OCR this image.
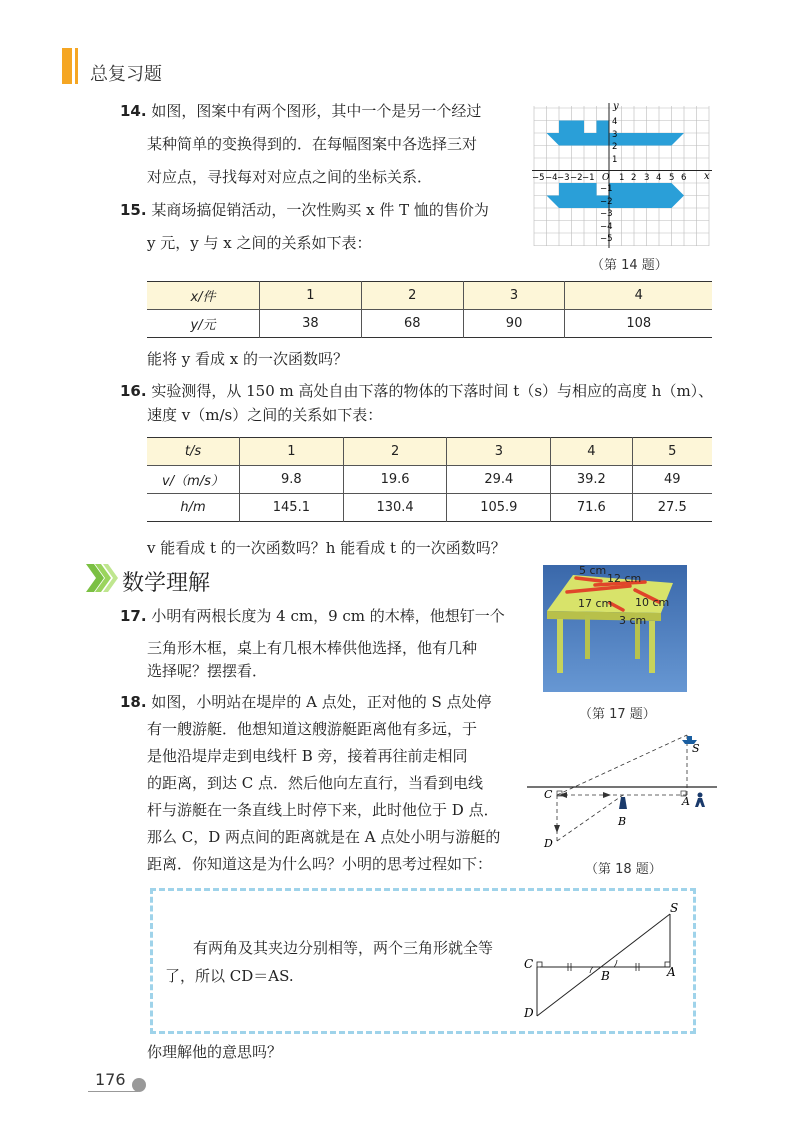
总复习题
14. 如图，图案中有两个图形，其中一个是另一个经过
某种简单的变换得到的．在每幅图案中各选择三对
对应点，寻找每对对应点之间的坐标关系．	x
y
O
−5 −4 −3 −2 −1	1 2 3 4 5 6
4
3
2
1
−1
−2
−3
−4
−5
（第 14 题）
15. 某商场搞促销活动，一次性购买 x 件 T 恤的售价为
y 元，y 与 x 之间的关系如下表：
x/件	1	2	3	4
y/元	38	68	90	108
能将 y 看成 x 的一次函数吗？
16. 实验测得，从 150 m 高处自由下落的物体的下落时间 t（s）与相应的高度 h（m）、
速度 v（m/s）之间的关系如下表：
t/s	1	2	3	4	5
v/（m/s）	9.8	19.6	29.4	39.2	49
h/m	145.1	130.4	105.9	71.6	27.5
v 能看成 t 的一次函数吗？h 能看成 t 的一次函数吗？
数学理解
17. 小明有两根长度为 4 cm，9 cm 的木棒，他想钉一个
三角形木框，桌上有几根木棒供他选择，他有几种
选择呢？摆摆看．
5 cm
12 cm
17 cm 10 cm
3 cm
（第 17 题）
18. 如图，小明站在堤岸的 A 点处，正对他的 S 点处停
有一艘游艇．他想知道这艘游艇距离他有多远，于
是他沿堤岸走到电线杆 B 旁，接着再往前走相同
的距离，到达 C 点．然后他向左直行，当看到电线
杆与游艇在一条直线上时停下来，此时他位于 D 点．
那么 C，D 两点间的距离就是在 A 点处小明与游艇的
距离．你知道这是为什么吗？小明的思考过程如下：
S
C
A
B
D
（第 18 题）
有两角及其夹边分别相等，两个三角形就全等
了，所以 CD＝AS.
S
C
A
B
D
你理解他的意思吗？
176
